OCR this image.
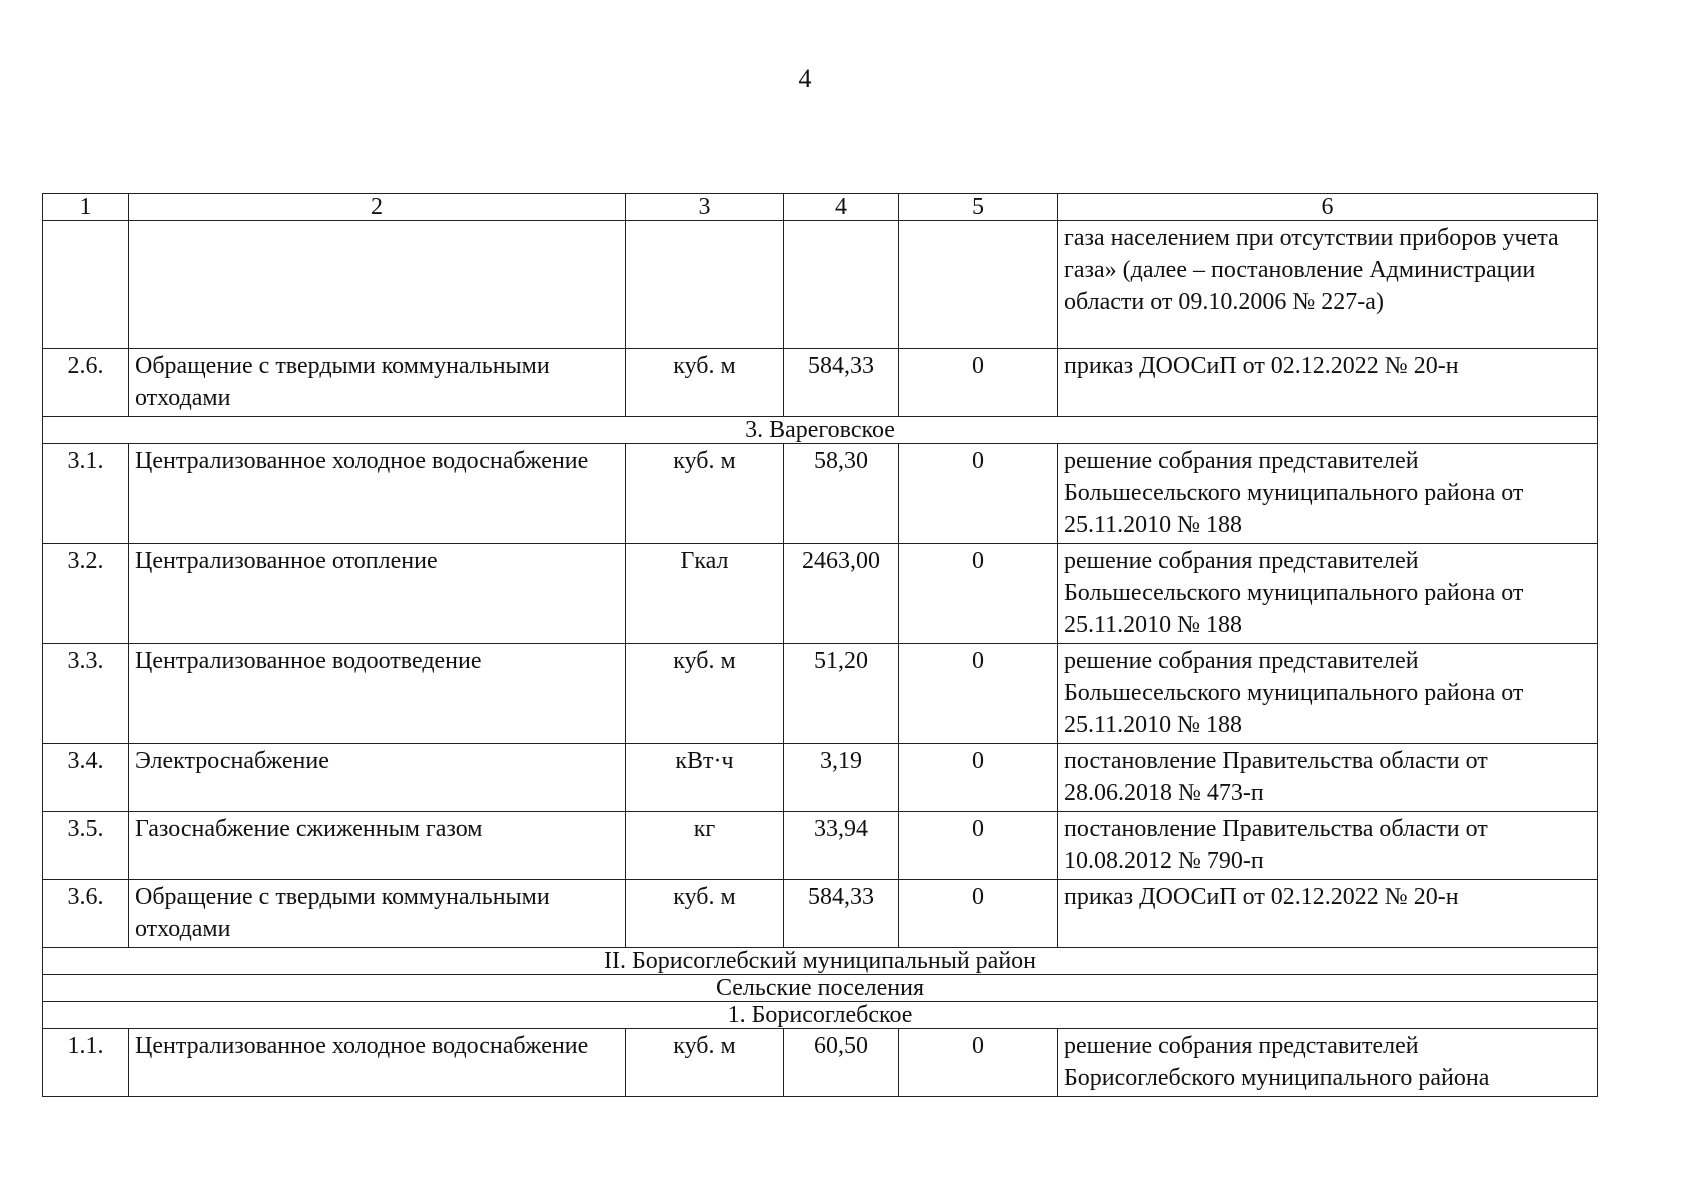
4
1	2	3	4	5	6
					газа населением при отсутствии приборов учета газа» (далее – постановление Администрации области от 09.10.2006 № 227-а)
2.6.	Обращение с твердыми коммунальными отходами	куб. м	584,33	0	приказ ДООСиП от 02.12.2022 № 20-н
3. Вареговское					
3.1.	Централизованное холодное водоснабжение	куб. м	58,30	0	решение собрания представителей Большесельского муниципального района от 25.11.2010 № 188
3.2.	Централизованное отопление	Гкал	2463,00	0	решение собрания представителей Большесельского муниципального района от 25.11.2010 № 188
3.3.	Централизованное водоотведение	куб. м	51,20	0	решение собрания представителей Большесельского муниципального района от 25.11.2010 № 188
3.4.	Электроснабжение	кВт·ч	3,19	0	постановление Правительства области от 28.06.2018 № 473-п
3.5.	Газоснабжение сжиженным газом	кг	33,94	0	постановление Правительства области от 10.08.2012 № 790-п
3.6.	Обращение с твердыми коммунальными отходами	куб. м	584,33	0	приказ ДООСиП от 02.12.2022 № 20-н
II. Борисоглебский муниципальный район					
Сельские поселения					
1. Борисоглебское					
1.1.	Централизованное холодное водоснабжение	куб. м	60,50	0	решение собрания представителей Борисоглебского муниципального района
